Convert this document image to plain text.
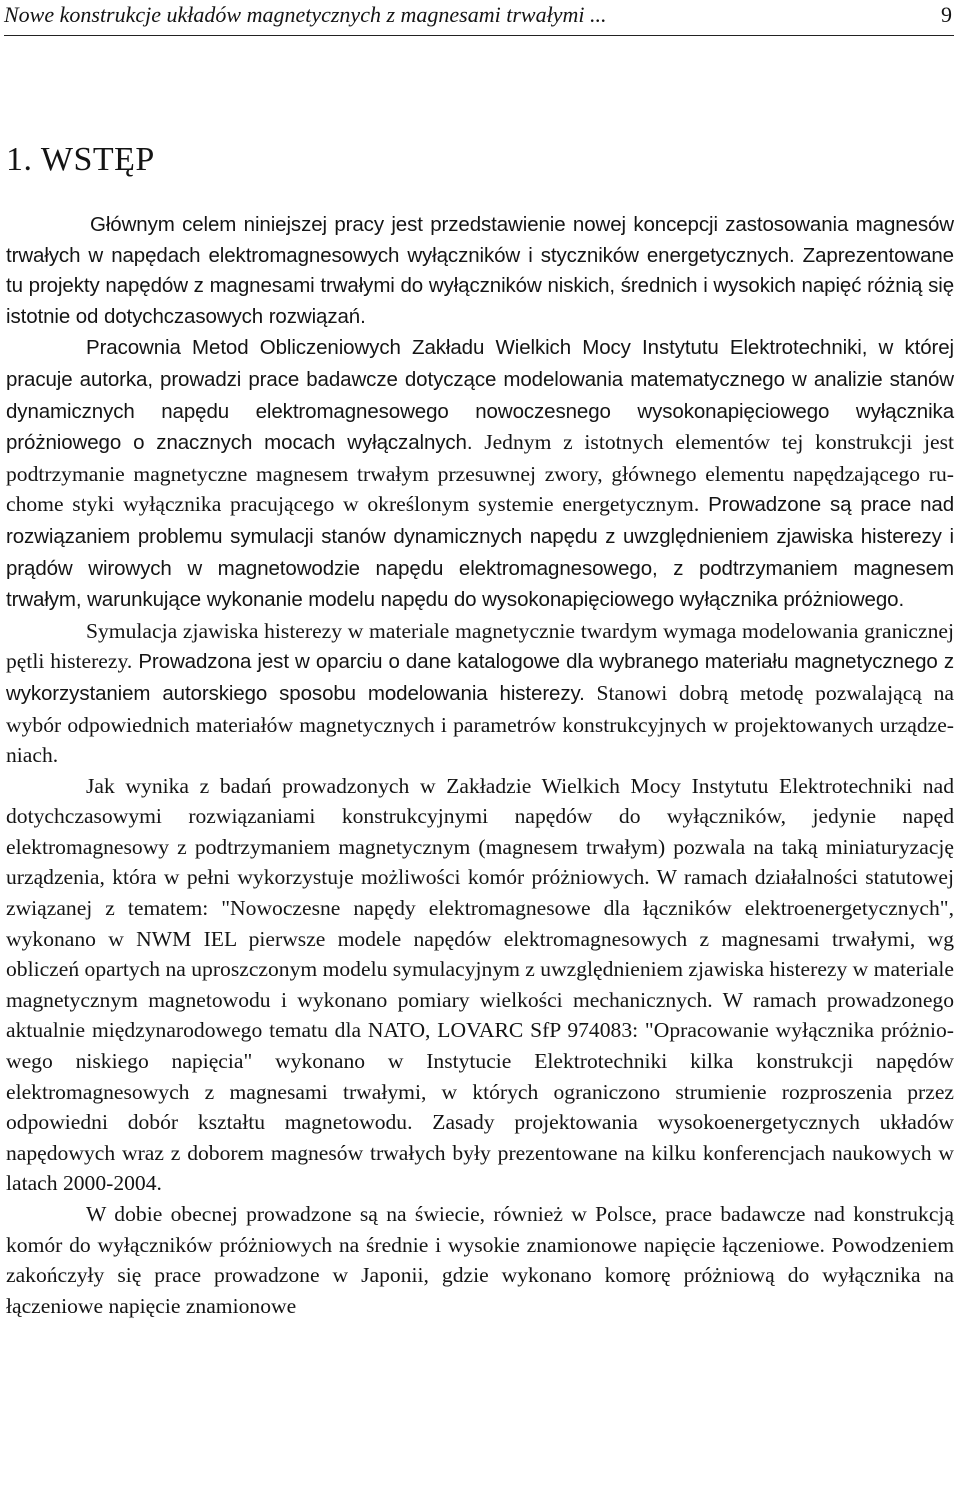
Nowe konstrukcje układów magnetycznych z magnesami trwałymi ...	9
1. WSTĘP

Głównym celem niniejszej pracy jest przedstawienie nowej koncepcji zastosowania magnesów trwałych w napędach elektromagnesowych wyłączników i styczników energetycznych. Zaprezentowane tu projekty napędów z magnesami trwałymi do wyłączników niskich, średnich i wysokich napięć różnią się istotnie od dotychczasowych rozwiązań.

Pracownia Metod Obliczeniowych Zakładu Wielkich Mocy Instytutu Elektrotechniki, w której pracuje autorka, prowadzi prace badawcze dotyczące modelowania matematycznego w analizie stanów dynamicznych napędu elektromagnesowego nowoczesnego wysokonapięciowego wyłącznika próżniowego o znacznych mocach wyłączalnych. Jednym z istotnych elementów tej konstrukcji jest podtrzymanie magnetyczne magnesem trwałym przesuwnej zwory, głównego elementu napędzającego ruchome styki wyłącznika pracującego w określonym systemie energetycznym. Prowadzone są prace nad rozwiązaniem problemu symulacji stanów dynamicznych napędu z uwzględnieniem zjawiska histerezy i prądów wirowych w magnetowodzie napędu elektromagnesowego, z podtrzymaniem magnesem trwałym, warunkujące wykonanie modelu napędu do wysokonapięciowego wyłącznika próżniowego.

Symulacja zjawiska histerezy w materiale magnetycznie twardym wymaga modelowania granicznej pętli histerezy. Prowadzona jest w oparciu o dane katalogowe dla wybranego materiału magnetycznego z wykorzystaniem autorskiego sposobu modelowania histerezy. Stanowi dobrą metodę pozwalającą na wybór odpowiednich materiałów magnetycznych i parametrów konstrukcyjnych w projektowanych urządzeniach.

Jak wynika z badań prowadzonych w Zakładzie Wielkich Mocy Instytutu Elektrotechniki nad dotychczasowymi rozwiązaniami konstrukcyjnymi napędów do wyłączników, jedynie napęd elektromagnesowy z podtrzymaniem magnetycznym (magnesem trwałym) pozwala na taką miniaturyzację urządzenia, która w pełni wykorzystuje możliwości komór próżniowych. W ramach działalności statutowej związanej z tematem: "Nowoczesne napędy elektromagnesowe dla łączników elektroenergetycznych", wykonano w NWM IEL pierwsze modele napędów elektromagnesowych z magnesami trwałymi, wg obliczeń opartych na uproszczonym modelu symulacyjnym z uwzględnieniem zjawiska histerezy w materiale magnetycznym magnetowodu i wykonano pomiary wielkości mechanicznych. W ramach prowadzonego aktualnie międzynarodowego tematu dla NATO, LOVARC SfP 974083: "Opracowanie wyłącznika próżniowego niskiego napięcia" wykonano w Instytucie Elektrotechniki kilka konstrukcji napędów elektromagnesowych z magnesami trwałymi, w których ograniczono strumienie rozproszenia przez odpowiedni dobór kształtu magnetowodu. Zasady projektowania wysokoenergetycznych układów napędowych wraz z doborem magnesów trwałych były prezentowane na kilku konferencjach naukowych w latach 2000-2004.

W dobie obecnej prowadzone są na świecie, również w Polsce, prace badawcze nad konstrukcją komór do wyłączników próżniowych na średnie i wysokie znamionowe napięcie łączeniowe. Powodzeniem zakończyły się prace prowadzone w Japonii, gdzie wykonano komorę próżniową do wyłącznika na łączeniowe napięcie znamionowe
